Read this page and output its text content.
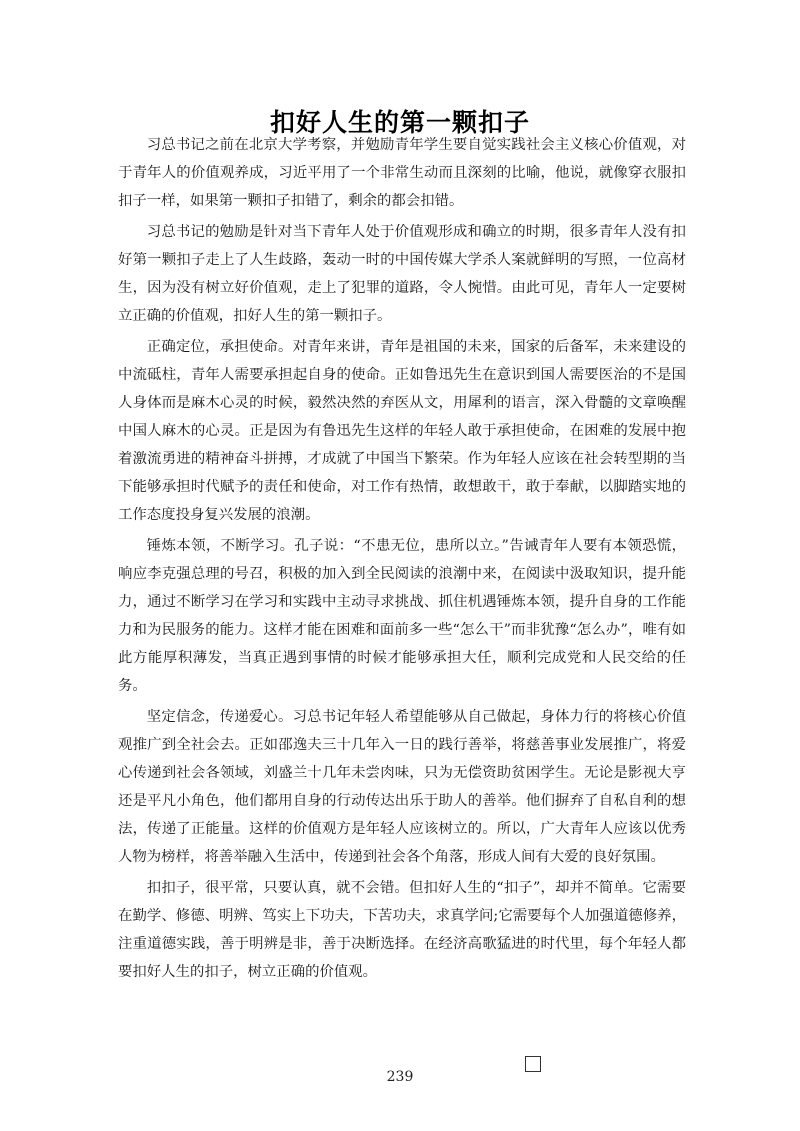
扣好人生的第一颗扣子

习总书记之前在北京大学考察，并勉励青年学生要自觉实践社会主义核心价值观，对于青年人的价值观养成，习近平用了一个非常生动而且深刻的比喻，他说，就像穿衣服扣扣子一样，如果第一颗扣子扣错了，剩余的都会扣错。

习总书记的勉励是针对当下青年人处于价值观形成和确立的时期，很多青年人没有扣好第一颗扣子走上了人生歧路，轰动一时的中国传媒大学杀人案就鲜明的写照，一位高材生，因为没有树立好价值观，走上了犯罪的道路，令人惋惜。由此可见，青年人一定要树立正确的价值观，扣好人生的第一颗扣子。

正确定位，承担使命。对青年来讲，青年是祖国的未来，国家的后备军，未来建设的中流砥柱，青年人需要承担起自身的使命。正如鲁迅先生在意识到国人需要医治的不是国人身体而是麻木心灵的时候，毅然决然的弃医从文，用犀利的语言，深入骨髓的文章唤醒中国人麻木的心灵。正是因为有鲁迅先生这样的年轻人敢于承担使命，在困难的发展中抱着激流勇进的精神奋斗拼搏，才成就了中国当下繁荣。作为年轻人应该在社会转型期的当下能够承担时代赋予的责任和使命，对工作有热情，敢想敢干，敢于奉献，以脚踏实地的工作态度投身复兴发展的浪潮。

锤炼本领，不断学习。孔子说：“不患无位，患所以立。”告诫青年人要有本领恐慌，响应李克强总理的号召，积极的加入到全民阅读的浪潮中来，在阅读中汲取知识，提升能力，通过不断学习在学习和实践中主动寻求挑战、抓住机遇锤炼本领，提升自身的工作能力和为民服务的能力。这样才能在困难和面前多一些“怎么干”而非犹豫“怎么办”，唯有如此方能厚积薄发，当真正遇到事情的时候才能够承担大任，顺利完成党和人民交给的任务。

坚定信念，传递爱心。习总书记年轻人希望能够从自己做起，身体力行的将核心价值观推广到全社会去。正如邵逸夫三十几年入一日的践行善举，将慈善事业发展推广，将爱心传递到社会各领域，刘盛兰十几年未尝肉味，只为无偿资助贫困学生。无论是影视大亨还是平凡小角色，他们都用自身的行动传达出乐于助人的善举。他们摒弃了自私自利的想法，传递了正能量。这样的价值观方是年轻人应该树立的。所以，广大青年人应该以优秀人物为榜样，将善举融入生活中，传递到社会各个角落，形成人间有大爱的良好氛围。

扣扣子，很平常，只要认真，就不会错。但扣好人生的“扣子”，却并不简单。它需要在勤学、修德、明辨、笃实上下功夫，下苦功夫，求真学问;它需要每个人加强道德修养，注重道德实践，善于明辨是非，善于决断选择。在经济高歌猛进的时代里，每个年轻人都要扣好人生的扣子，树立正确的价值观。

239
